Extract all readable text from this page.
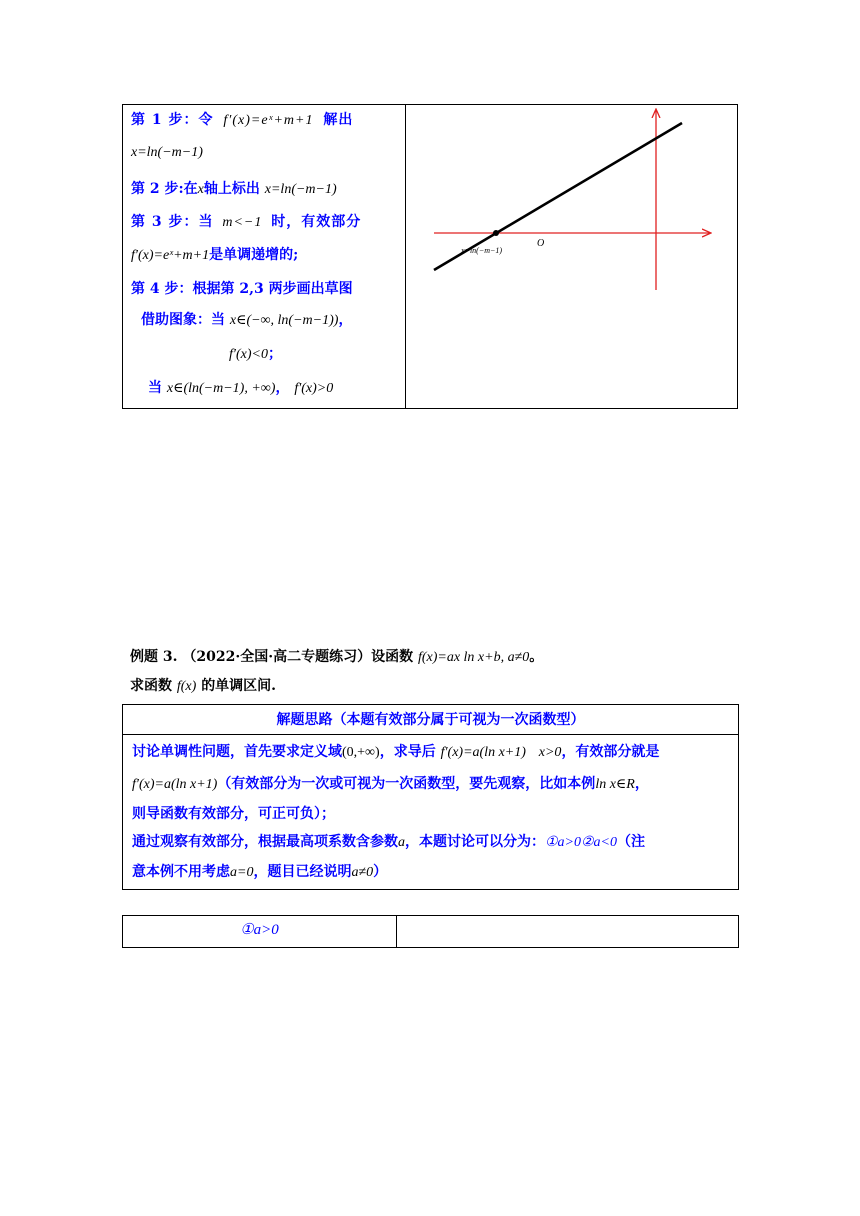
第 1 步：令 f′(x)=eˣ+m+1 解出
x=ln(−m−1)
第 2 步:在x轴上标出 x=ln(−m−1)
第 3 步：当 m<−1 时，有效部分
f′(x)=eˣ+m+1是单调递增的;
第 4 步：根据第 2,3 两步画出草图
借助图象：当 x∈(−∞, ln(−m−1))，
f′(x)<0；
当 x∈(ln(−m−1), +∞)， f′(x)>0
x=ln(−m−1)
O
例题 3. （2022·全国·高二专题练习）设函数 f(x)=ax ln x+b, a≠0。
求函数 f(x) 的单调区间.
解题思路（本题有效部分属于可视为一次函数型）
讨论单调性问题，首先要求定义域(0,+∞)，求导后 f′(x)=a(ln x+1) x>0，有效部分就是
f′(x)=a(ln x+1)（有效部分为一次或可视为一次函数型，要先观察，比如本例ln x∈R，
则导函数有效部分，可正可负）；
通过观察有效部分，根据最高项系数含参数a，本题讨论可以分为：①a>0②a<0（注
意本例不用考虑a=0，题目已经说明a≠0）
①a>0
